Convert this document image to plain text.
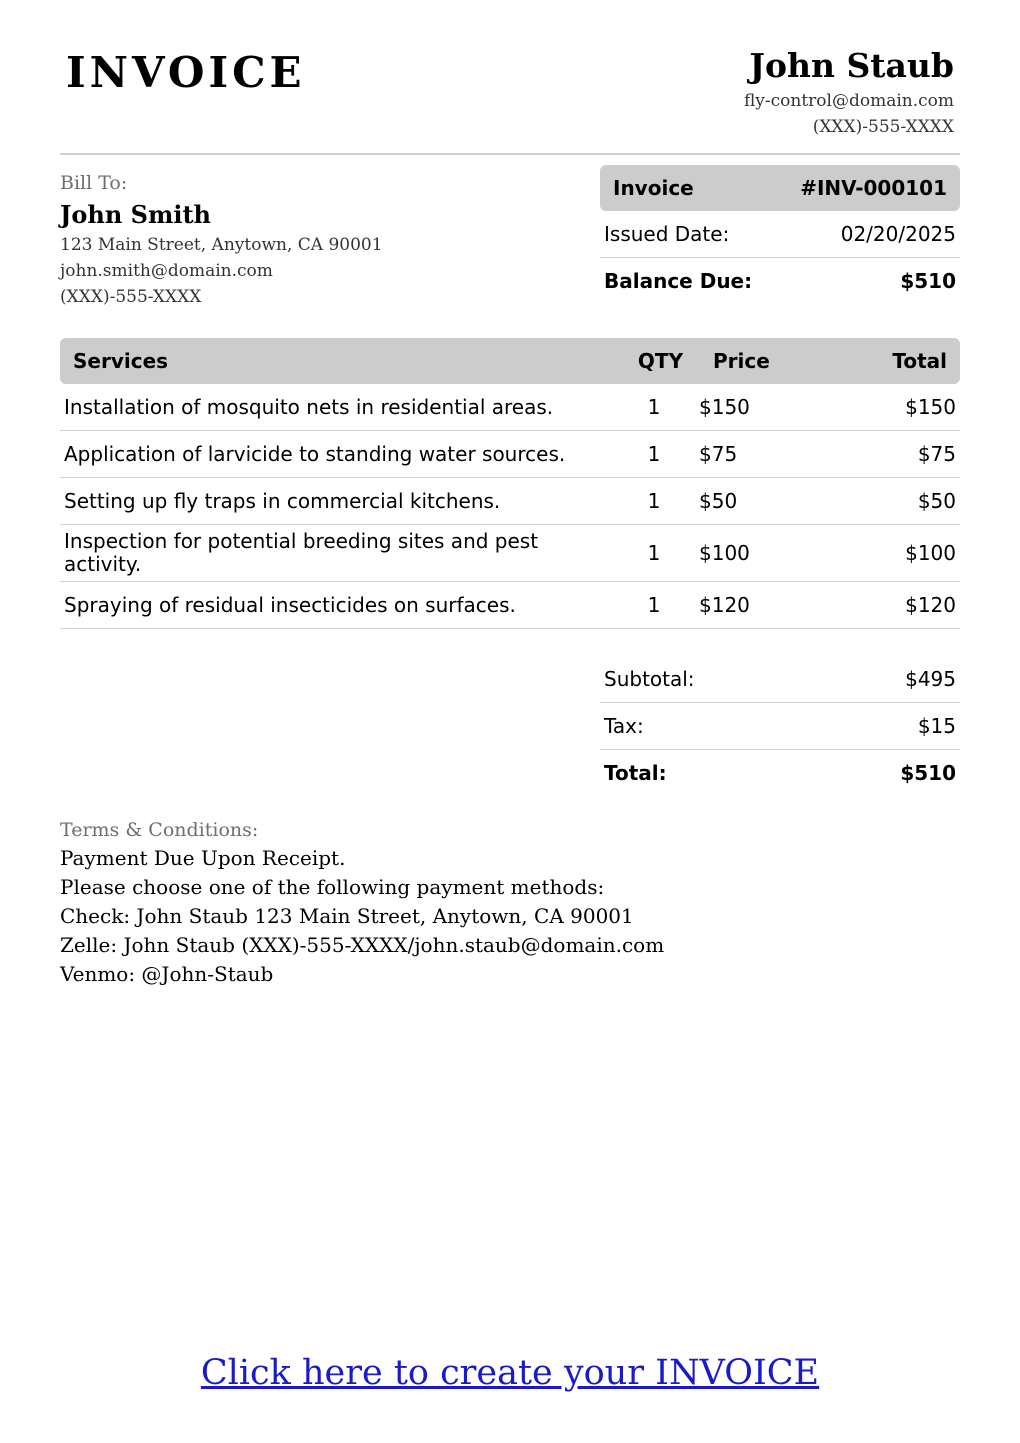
INVOICE	John Staub
fly-control@domain.com
(XXX)-555-XXXX
Bill To:
John Smith
123 Main Street, Anytown, CA 90001
john.smith@domain.com
(XXX)-555-XXXX
Invoice	#INV-000101
Issued Date:	02/20/2025
Balance Due:	$510
Services	QTY	Price	Total
Installation of mosquito nets in residential areas.	1	$150	$150
Application of larvicide to standing water sources.	1	$75	$75
Setting up fly traps in commercial kitchens.	1	$50	$50
Inspection for potential breeding sites and pest activity.	1	$100	$100
Spraying of residual insecticides on surfaces.	1	$120	$120
Subtotal:	$495
Tax:	$15
Total:	$510
Terms & Conditions:
Payment Due Upon Receipt.
Please choose one of the following payment methods:
Check: John Staub 123 Main Street, Anytown, CA 90001
Zelle: John Staub (XXX)-555-XXXX/john.staub@domain.com
Venmo: @John-Staub
Click here to create your INVOICE
